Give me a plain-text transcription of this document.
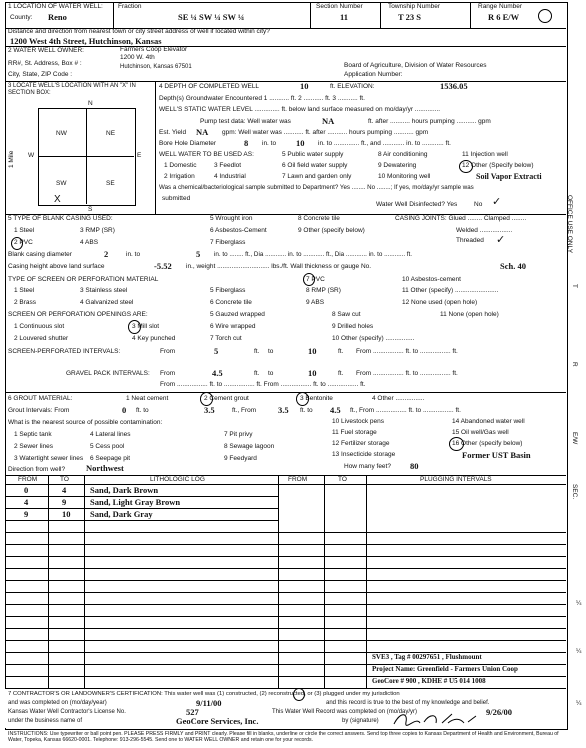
1 LOCATION OF WATER WELL:
County: Reno
Fraction
SE ¼ SW ¼ SW ¼
Section Number
11
Township Number
T 23 S
Range Number
R 6 E/W
Distance and direction from nearest town or city street address of well if located within city?
1200 West 4th Street, Hutchinson, Kansas
2 WATER WELL OWNER:	Farmers Coop Elevator
1200 W. 4th
RR#, St. Address, Box # :	Hutchinson, Kansas 67501
City, State, ZIP Code :
Board of Agriculture, Division of Water Resources
Application Number:
3 LOCATE WELL'S LOCATION WITH AN "X" IN SECTION BOX:
N
S
W	E
NW	NE
SW	SE
X
1 Mile
4 DEPTH OF COMPLETED WELL	10	ft. ELEVATION:	1536.05
Depth(s) Groundwater Encountered 1 ........... ft. 2 ........... ft. 3 ........... ft.
WELL'S STATIC WATER LEVEL .............. ft. below land surface measured on mo/day/yr ..............
Pump test data: Well water was	NA	ft. after ........... hours pumping ........... gpm
Est. Yield NA gpm: Well water was ........... ft. after ........... hours pumping ........... gpm
Bore Hole Diameter	8 in. to 10 in. to .............. ft., and ............ in. to ............ ft.
WELL WATER TO BE USED AS:	5 Public water supply	8 Air conditioning	11 Injection well
1 Domestic	3 Feedlot	6 Oil field water supply	9 Dewatering	12 Other (Specify below)
2 Irrigation	4 Industrial	7 Lawn and garden only	10 Monitoring well	Soil Vapor Extracti
Was a chemical/bacteriological sample submitted to Department? Yes ........ No ........; If yes, mo/day/yr sample was
submitted
Water Well Disinfected? Yes	No ✓
5 TYPE OF BLANK CASING USED:	5 Wrought iron	8 Concrete tile	CASING JOINTS: Glued ........ Clamped ........
1 Steel	3 RMP (SR)	6 Asbestos-Cement	9 Other (specify below)	Welded ..................
2 PVC	4 ABS	7 Fiberglass	Threaded ✓
Blank casing diameter	2	in. to	5 in. to ........ ft., Dia ............ in. to ............ ft., Dia ............ in. to ............ ft.
Casing height above land surface	-5.52 in., weight ............................. lbs./ft. Wall thickness or gauge No.	Sch. 40
TYPE OF SCREEN OR PERFORATION MATERIAL	7 PVC	10 Asbestos-cement
1 Steel	3 Stainless steel	5 Fiberglass	8 RMP (SR)	11 Other (specify) ........................
2 Brass	4 Galvanized steel	6 Concrete tile	9 ABS	12 None used (open hole)
SCREEN OR PERFORATION OPENINGS ARE:	5 Gauzed wrapped	8 Saw cut	11 None (open hole)
1 Continuous slot	3 Mill slot	6 Wire wrapped	9 Drilled holes
2 Louvered shutter	4 Key punched	7 Torch cut	10 Other (specify) ................
SCREEN-PERFORATED INTERVALS:	From	5	ft. to	10	ft. From ................. ft. to ................. ft.
GRAVEL PACK INTERVALS: From	4.5	ft. to	10	ft. From ................. ft. to ................. ft.
From ................. ft. to ................. ft. From ................. ft. to ................. ft.
6 GROUT MATERIAL:	1 Neat cement	2 Cement grout	3 Bentonite	4 Other ................
Grout Intervals: From	0 ft. to	3.5	ft., From	3.5 ft. to 4.5 ft., From ................. ft. to ................. ft.
What is the nearest source of possible contamination:	10 Livestock pens	14 Abandoned water well
1 Septic tank	4 Lateral lines	7 Pit privy	11 Fuel storage	15 Oil well/Gas well
2 Sewer lines	5 Cess pool	8 Sewage lagoon	12 Fertilizer storage	16 Other (specify below)
3 Watertight sewer lines 6 Seepage pit	9 Feedyard
13 Insecticide storage	Former UST Basin
How many feet? 80
Direction from well? Northwest
FROM	TO	LITHOLOGIC LOG	FROM	TO	PLUGGING INTERVALS
0	4	Sand, Dark Brown
4	9	Sand, Light Gray Brown
9	10 Sand, Dark Gray
SVE3 , Tag # 00297651 , Flushmount
Project Name: Greenfield - Farmers Union Coop
GeoCore # 900 , KDHE # U5 014 1008
7 CONTRACTOR'S OR LANDOWNER'S CERTIFICATION: This water well was (1) constructed, (2) reconstructed, or (3) plugged under my jurisdiction
and was completed on (mo/day/year)	9/11/00	and this record is true to the best of my knowledge and belief.
Kansas Water Well Contractor's License No.	527	This Water Well Record was completed on (mo/day/yr)	9/26/00
under the business name of	GeoCore Services, Inc.	by (signature)
INSTRUCTIONS: Use typewriter or ball point pen. PLEASE PRESS FIRMLY and PRINT clearly. Please fill in blanks, underline or circle the correct answers. Send top three copies to Kansas Department of Health and Environment, Bureau of Water, Topeka, Kansas 66620-0001. Telephone: 913-296-5545. Send one to WATER WELL OWNER and retain one for your records.
OFFICE USE ONLY
T
R
E/W
SEC.
¼
¼
¼
